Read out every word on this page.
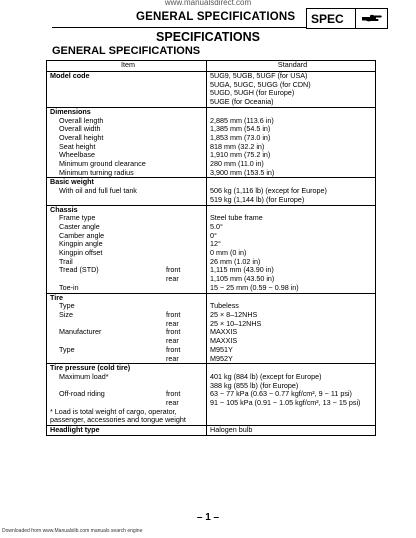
www.manualsdirect.com
GENERAL SPECIFICATIONS	SPEC
SPECIFICATIONS
GENERAL SPECIFICATIONS
Item	Standard
Model code	5UG9, 5UGB, 5UGF (for USA)
	5UGA, 5UGC, 5UGG (for CDN)
	5UGD, 5UGH (for Europe)
	5UGE (for Oceania)
Dimensions	

Overall length	2,885 mm (113.6 in)

Overall width	1,385 mm (54.5 in)

Overall height	1,853 mm (73.0 in)

Seat height	818 mm (32.2 in)

Wheelbase	1,910 mm (75.2 in)

Minimum ground clearance	280 mm (11.0 in)

Minimum turning radius	3,900 mm (153.5 in)
Basic weight	

With oil and full fuel tank	506 kg (1,116 lb) (except for Europe)
	519 kg (1,144 lb) (for Europe)
Chassis	

Frame type	Steel tube frame

Caster angle	5.0°

Camber angle	0°

Kingpin angle	12°

Kingpin offset	0 mm (0 in)

Trail	26 mm (1.02 in)

Tread (STD) front	1,115 mm (43.90 in)

rear	1,105 mm (43.50 in)

Toe-in	15 ~ 25 mm (0.59 ~ 0.98 in)
Tire	

Type	Tubeless

Size front	25 × 8–12NHS

rear	25 × 10–12NHS

Manufacturer front	MAXXIS

rear	MAXXIS

Type front	M951Y

rear	M952Y
Tire pressure (cold tire)	

Maximum load*	401 kg (884 lb) (except for Europe)
	388 kg (855 lb) (for Europe)

Off-road riding front	63 ~ 77 kPa (0.63 ~ 0.77 kgf/cm², 9 ~ 11 psi)

rear	91 ~ 105 kPa (0.91 ~ 1.05 kgf/cm², 13 ~ 15 psi)
* Load is total weight of cargo, operator, passenger, accessories and tongue weight	
Headlight type	Halogen bulb
– 1 –
Downloaded from www.Manualslib.com manuals search engine
